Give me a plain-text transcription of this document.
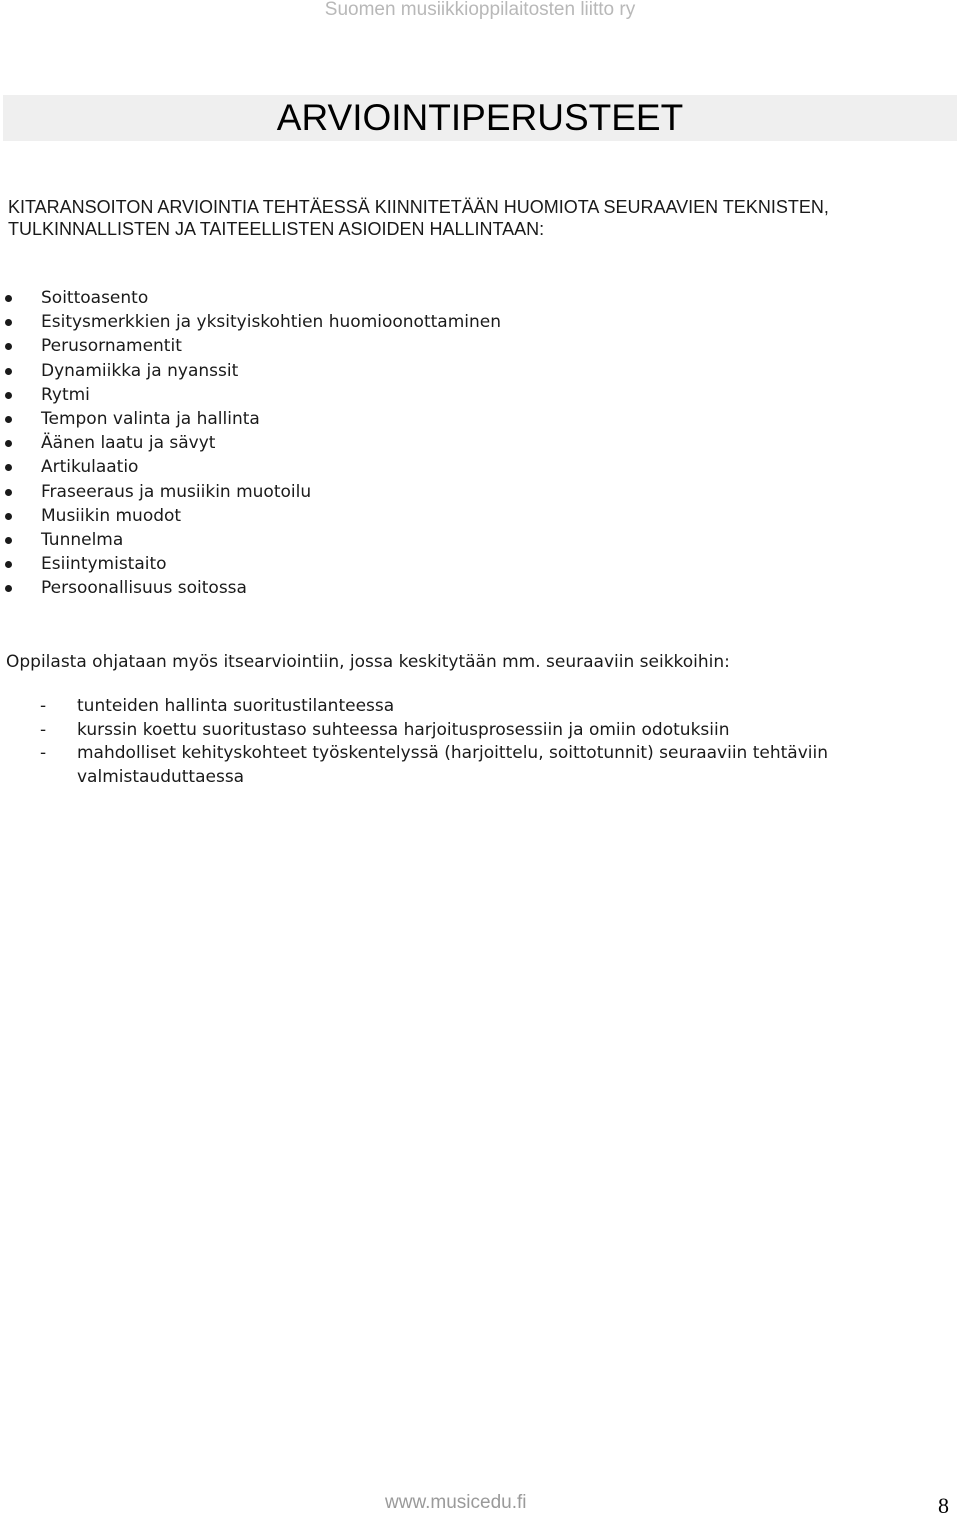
Suomen musiikkioppilaitosten liitto ry
ARVIOINTIPERUSTEET

KITARANSOITON ARVIOINTIA TEHTÄESSÄ KIINNITETÄÄN HUOMIOTA SEURAAVIEN TEKNISTEN,
TULKINNALLISTEN JA TAITEELLISTEN ASIOIDEN HALLINTAAN:

Soittoasento
Esitysmerkkien ja yksityiskohtien huomioonottaminen
Perusornamentit
Dynamiikka ja nyanssit
Rytmi
Tempon valinta ja hallinta
Äänen laatu ja sävyt
Artikulaatio
Fraseeraus ja musiikin muotoilu
Musiikin muodot
Tunnelma
Esiintymistaito
Persoonallisuus soitossa

Oppilasta ohjataan myös itsearviointiin, jossa keskitytään mm. seuraaviin seikkoihin:

- tunteiden hallinta suoritustilanteessa
- kurssin koettu suoritustaso suhteessa harjoitusprosessiin ja omiin odotuksiin
- mahdolliset kehityskohteet työskentelyssä (harjoittelu, soittotunnit) seuraaviin tehtäviin valmistauduttaessa
www.musicedu.fi	8
